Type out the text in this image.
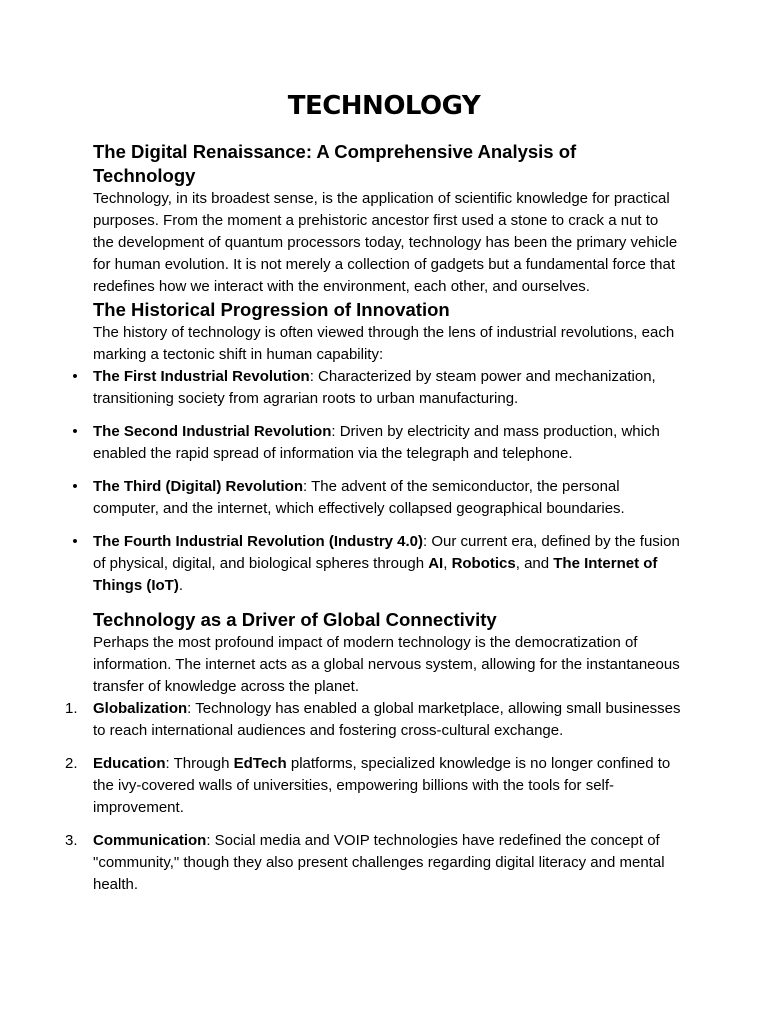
TECHNOLOGY
The Digital Renaissance: A Comprehensive Analysis of Technology

Technology, in its broadest sense, is the application of scientific knowledge for practical purposes. From the moment a prehistoric ancestor first used a stone to crack a nut to the development of quantum processors today, technology has been the primary vehicle for human evolution. It is not merely a collection of gadgets but a fundamental force that redefines how we interact with the environment, each other, and ourselves.

The Historical Progression of Innovation

The history of technology is often viewed through the lens of industrial revolutions, each marking a tectonic shift in human capability:

•	The First Industrial Revolution: Characterized by steam power and mechanization, transitioning society from agrarian roots to urban manufacturing.
•	The Second Industrial Revolution: Driven by electricity and mass production, which enabled the rapid spread of information via the telegraph and telephone.
•	The Third (Digital) Revolution: The advent of the semiconductor, the personal computer, and the internet, which effectively collapsed geographical boundaries.
•	The Fourth Industrial Revolution (Industry 4.0): Our current era, defined by the fusion of physical, digital, and biological spheres through AI, Robotics, and The Internet of Things (IoT).
Technology as a Driver of Global Connectivity

Perhaps the most profound impact of modern technology is the democratization of information. The internet acts as a global nervous system, allowing for the instantaneous transfer of knowledge across the planet.

1.	Globalization: Technology has enabled a global marketplace, allowing small businesses to reach international audiences and fostering cross-cultural exchange.
2.	Education: Through EdTech platforms, specialized knowledge is no longer confined to the ivy-covered walls of universities, empowering billions with the tools for self-improvement.
3.	Communication: Social media and VOIP technologies have redefined the concept of "community," though they also present challenges regarding digital literacy and mental health.
